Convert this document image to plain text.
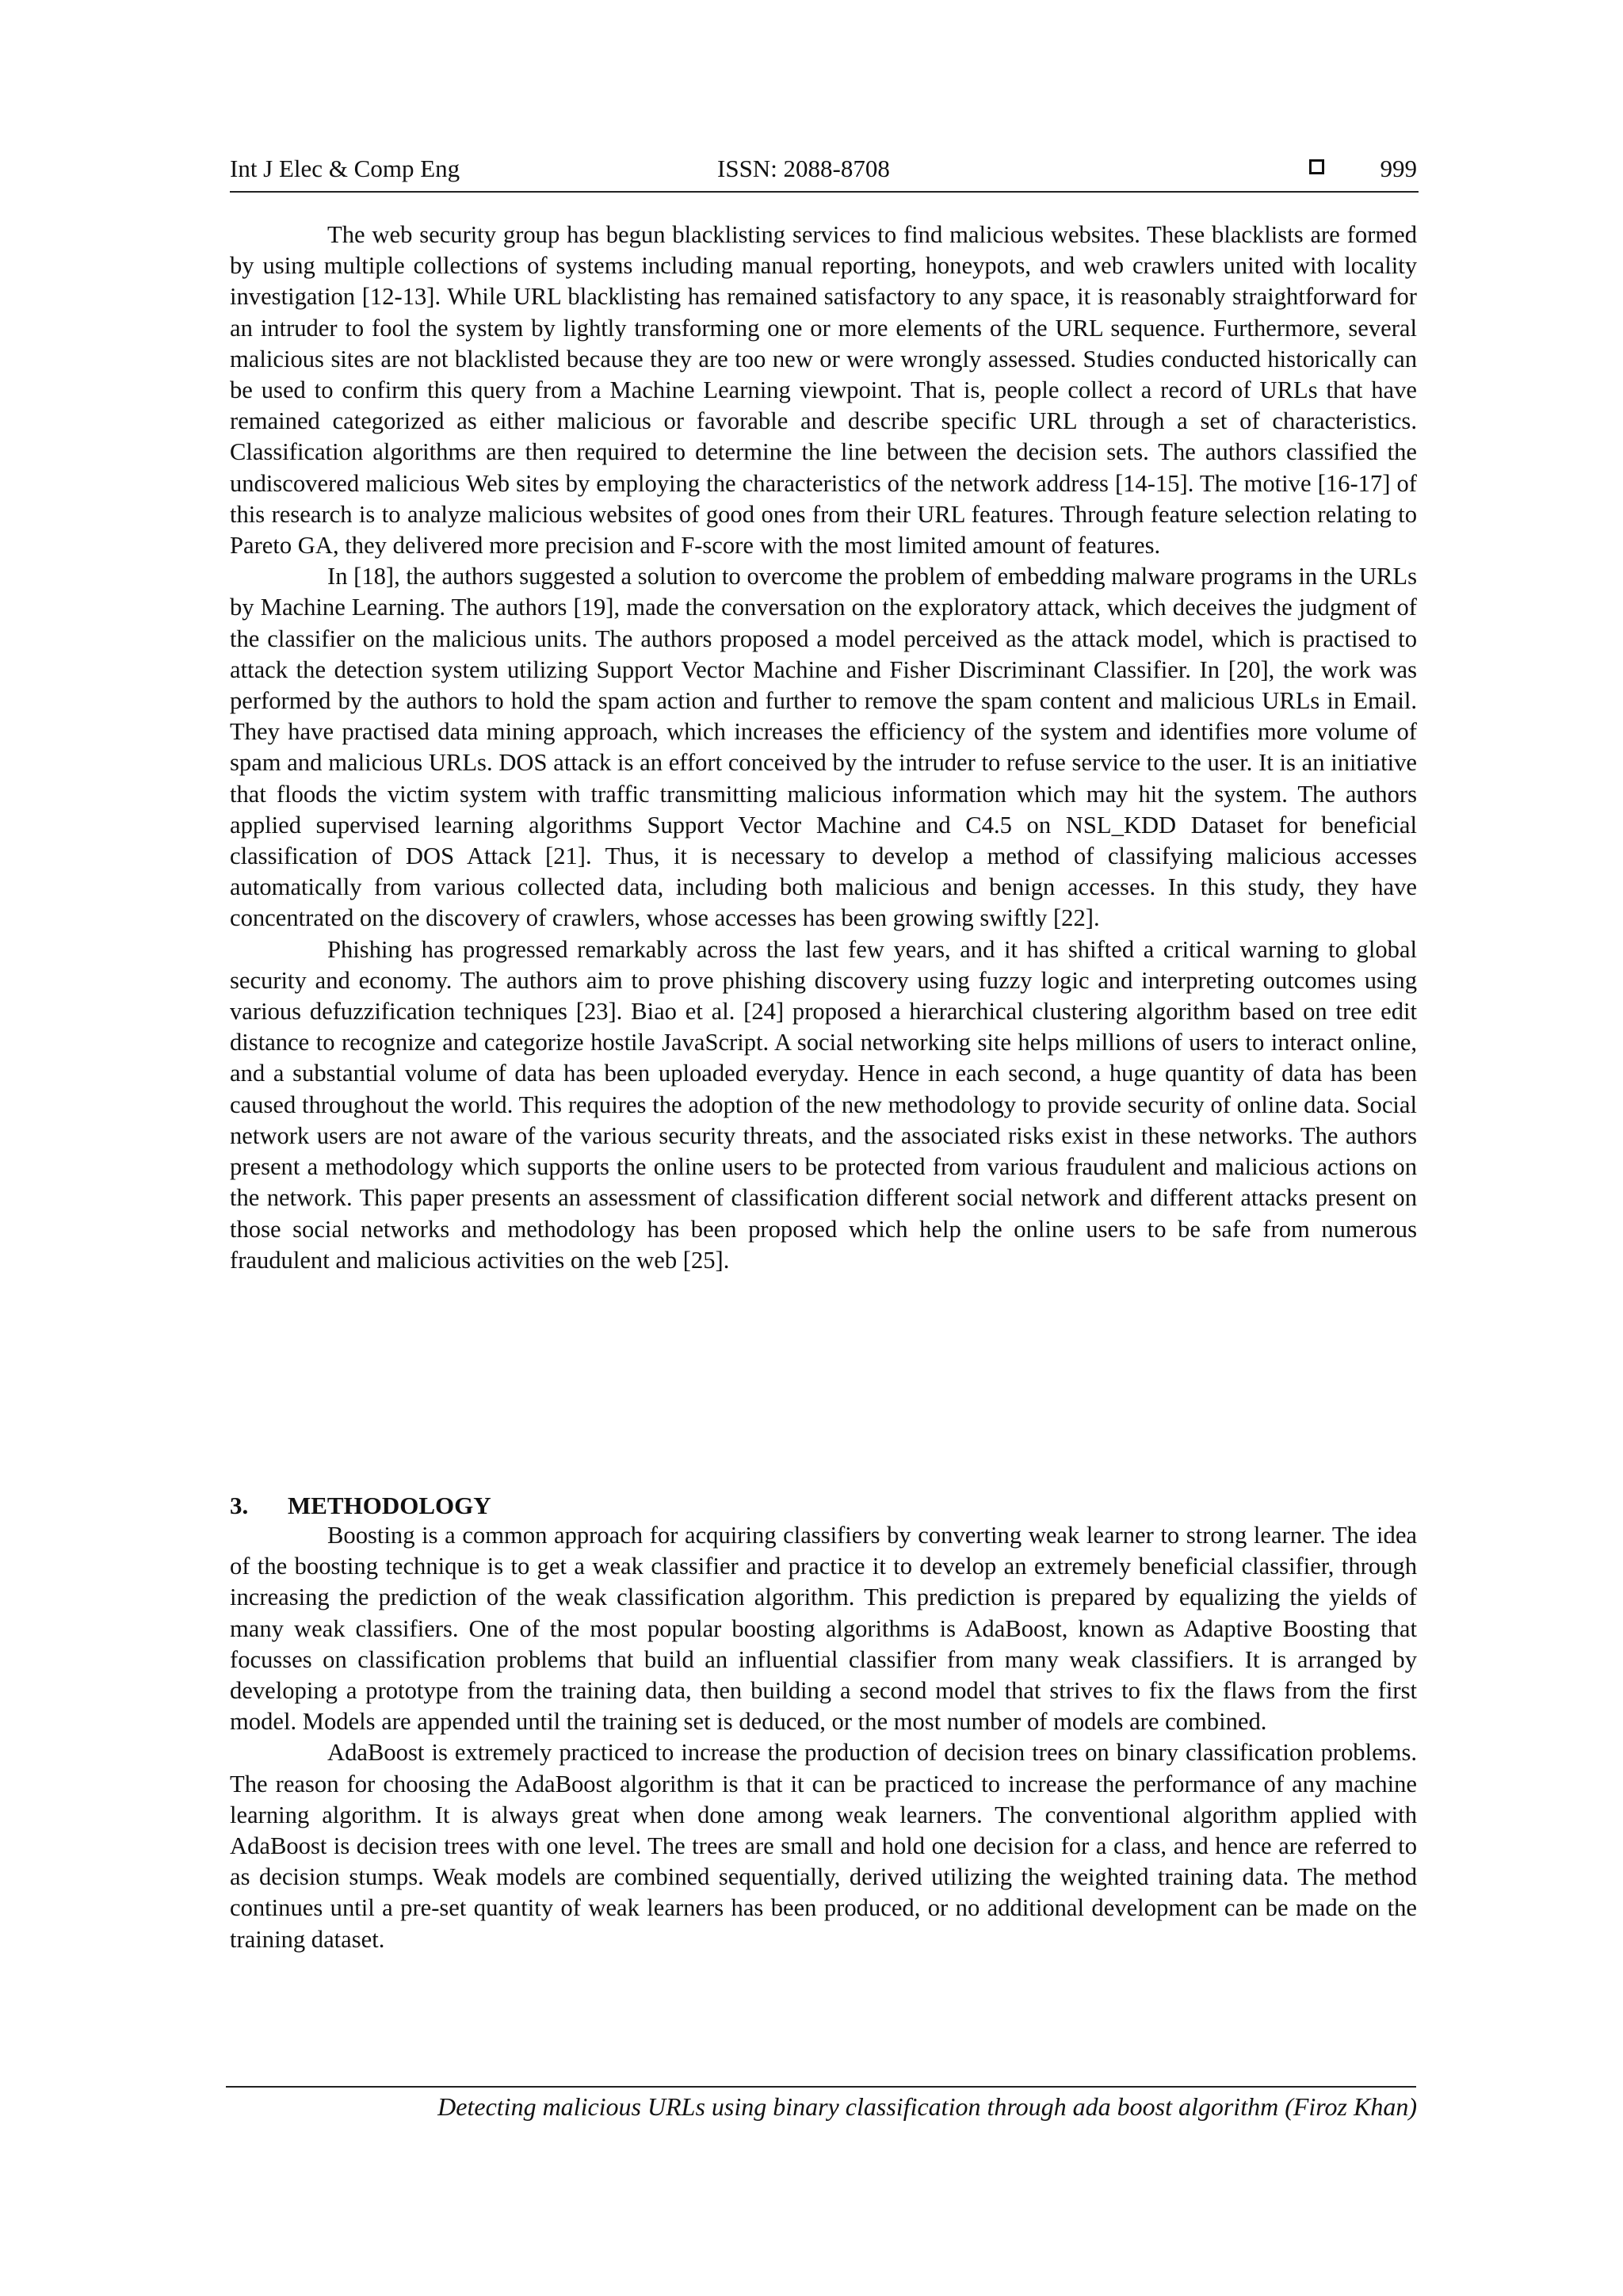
Int J Elec & Comp Eng	ISSN: 2088-8708	999

The web security group has begun blacklisting services to find malicious websites. These blacklists are formed by using multiple collections of systems including manual reporting, honeypots, and web crawlers united with locality investigation [12-13]. While URL blacklisting has remained satisfactory to any space, it is reasonably straightforward for an intruder to fool the system by lightly transforming one or more elements of the URL sequence. Furthermore, several malicious sites are not blacklisted because they are too new or were wrongly assessed. Studies conducted historically can be used to confirm this query from a Machine Learning viewpoint. That is, people collect a record of URLs that have remained categorized as either malicious or favorable and describe specific URL through a set of characteristics. Classification algorithms are then required to determine the line between the decision sets. The authors classified the undiscovered malicious Web sites by employing the characteristics of the network address [14-15]. The motive [16-17] of this research is to analyze malicious websites of good ones from their URL features. Through feature selection relating to Pareto GA, they delivered more precision and F-score with the most limited amount of features.

In [18], the authors suggested a solution to overcome the problem of embedding malware programs in the URLs by Machine Learning. The authors [19], made the conversation on the exploratory attack, which deceives the judgment of the classifier on the malicious units. The authors proposed a model perceived as the attack model, which is practised to attack the detection system utilizing Support Vector Machine and Fisher Discriminant Classifier. In [20], the work was performed by the authors to hold the spam action and further to remove the spam content and malicious URLs in Email. They have practised data mining approach, which increases the efficiency of the system and identifies more volume of spam and malicious URLs. DOS attack is an effort conceived by the intruder to refuse service to the user. It is an initiative that floods the victim system with traffic transmitting malicious information which may hit the system. The authors applied supervised learning algorithms Support Vector Machine and C4.5 on NSL_KDD Dataset for beneficial classification of DOS Attack [21]. Thus, it is necessary to develop a method of classifying malicious accesses automatically from various collected data, including both malicious and benign accesses. In this study, they have concentrated on the discovery of crawlers, whose accesses has been growing swiftly [22].

Phishing has progressed remarkably across the last few years, and it has shifted a critical warning to global security and economy. The authors aim to prove phishing discovery using fuzzy logic and interpreting outcomes using various defuzzification techniques [23]. Biao et al. [24] proposed a hierarchical clustering algorithm based on tree edit distance to recognize and categorize hostile JavaScript. A social networking site helps millions of users to interact online, and a substantial volume of data has been uploaded everyday. Hence in each second, a huge quantity of data has been caused throughout the world. This requires the adoption of the new methodology to provide security of online data. Social network users are not aware of the various security threats, and the associated risks exist in these networks. The authors present a methodology which supports the online users to be protected from various fraudulent and malicious actions on the network. This paper presents an assessment of classification different social network and different attacks present on those social networks and methodology has been proposed which help the online users to be safe from numerous fraudulent and malicious activities on the web [25].

3. METHODOLOGY

Boosting is a common approach for acquiring classifiers by converting weak learner to strong learner. The idea of the boosting technique is to get a weak classifier and practice it to develop an extremely beneficial classifier, through increasing the prediction of the weak classification algorithm. This prediction is prepared by equalizing the yields of many weak classifiers. One of the most popular boosting algorithms is AdaBoost, known as Adaptive Boosting that focusses on classification problems that build an influential classifier from many weak classifiers. It is arranged by developing a prototype from the training data, then building a second model that strives to fix the flaws from the first model. Models are appended until the training set is deduced, or the most number of models are combined.

AdaBoost is extremely practiced to increase the production of decision trees on binary classification problems. The reason for choosing the AdaBoost algorithm is that it can be practiced to increase the performance of any machine learning algorithm. It is always great when done among weak learners. The conventional algorithm applied with AdaBoost is decision trees with one level. The trees are small and hold one decision for a class, and hence are referred to as decision stumps. Weak models are combined sequentially, derived utilizing the weighted training data. The method continues until a pre-set quantity of weak learners has been produced, or no additional development can be made on the training dataset.

Detecting malicious URLs using binary classification through ada boost algorithm (Firoz Khan)
